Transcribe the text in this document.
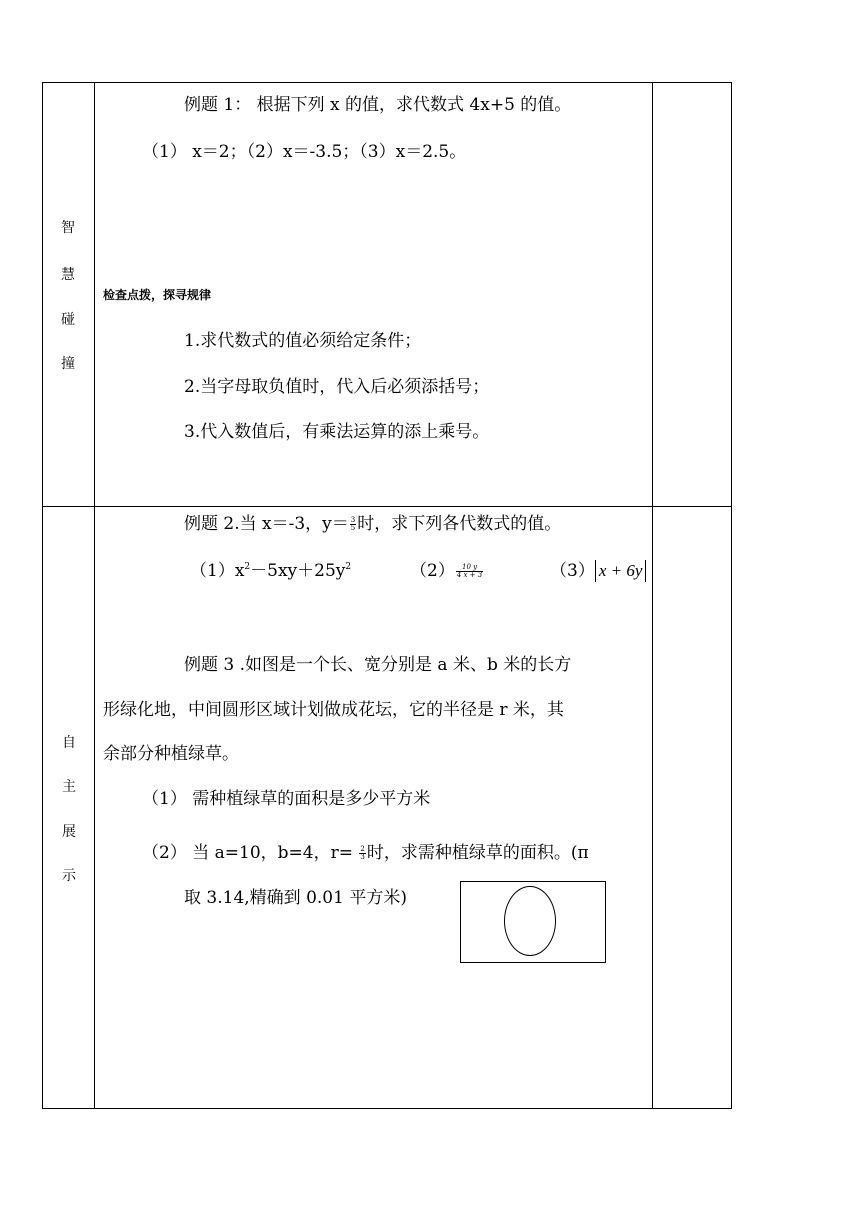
智
慧
碰
撞
例题 1： 根据下列 x 的值，求代数式 4x+5 的值。
（1） x＝2；（2）x＝-3.5；（3）x＝2.5。
检查点拨，探寻规律
1.求代数式的值必须给定条件；
2.当字母取负值时，代入后必须添括号；
3.代入数值后，有乘法运算的添上乘号。
自
主
展
示
例题 2.当 x＝-3，$y= \frac{3}{5}$ 时，求下列各代数式的值。
$(1)x^2-5xy+25y^2$	$(2) \frac{10 y}{4 x + 3}$	（3） x + 6y
例题 3 .如图是一个长、宽分别是 a 米、b 米的长方
形绿化地，中间圆形区域计划做成花坛，它的半径是 r 米，其
余部分种植绿草。
（1） 需种植绿草的面积是多少平方米
（2） 当 a=10，b=4，$r= \frac{2}{3}$ 时，求需种植绿草的面积。(π
取 3.14,精确到 0.01 平方米)
